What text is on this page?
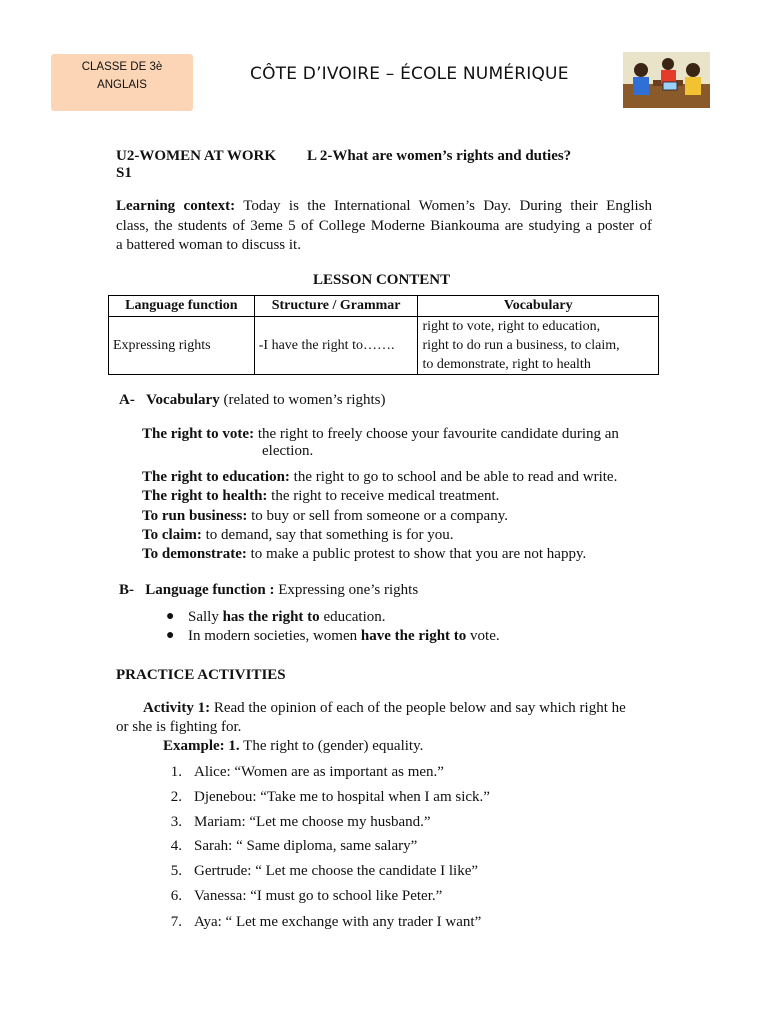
CLASSE DE 3è
ANGLAIS
CÔTE D’IVOIRE – ÉCOLE NUMÉRIQUE
U2-WOMEN AT WORK L 2-What are women’s rights and duties?
S1
Learning context: Today is the International Women’s Day. During their English
class, the students of 3eme 5 of College Moderne Biankouma are studying a poster of
a battered woman to discuss it.
LESSON CONTENT
Language function	Structure / Grammar	Vocabulary
Expressing rights	-I have the right to…….	right to vote, right to education,
right to do run a business, to claim,
to demonstrate, right to health
A- Vocabulary (related to women’s rights)
The right to vote: the right to freely choose your favourite candidate during an
election.
The right to education: the right to go to school and be able to read and write.
The right to health: the right to receive medical treatment.
To run business: to buy or sell from someone or a company.
To claim: to demand, say that something is for you.
To demonstrate: to make a public protest to show that you are not happy.
B- Language function : Expressing one’s rights
● Sally has the right to education.
● In modern societies, women have the right to vote.
PRACTICE ACTIVITIES
Activity 1: Read the opinion of each of the people below and say which right he
or she is fighting for.
Example: 1. The right to (gender) equality.
1. Alice: “Women are as important as men.”
2. Djenebou: “Take me to hospital when I am sick.”
3. Mariam: “Let me choose my husband.”
4. Sarah: “ Same diploma, same salary”
5. Gertrude: “ Let me choose the candidate I like”
6. Vanessa: “I must go to school like Peter.”
7. Aya: “ Let me exchange with any trader I want”
